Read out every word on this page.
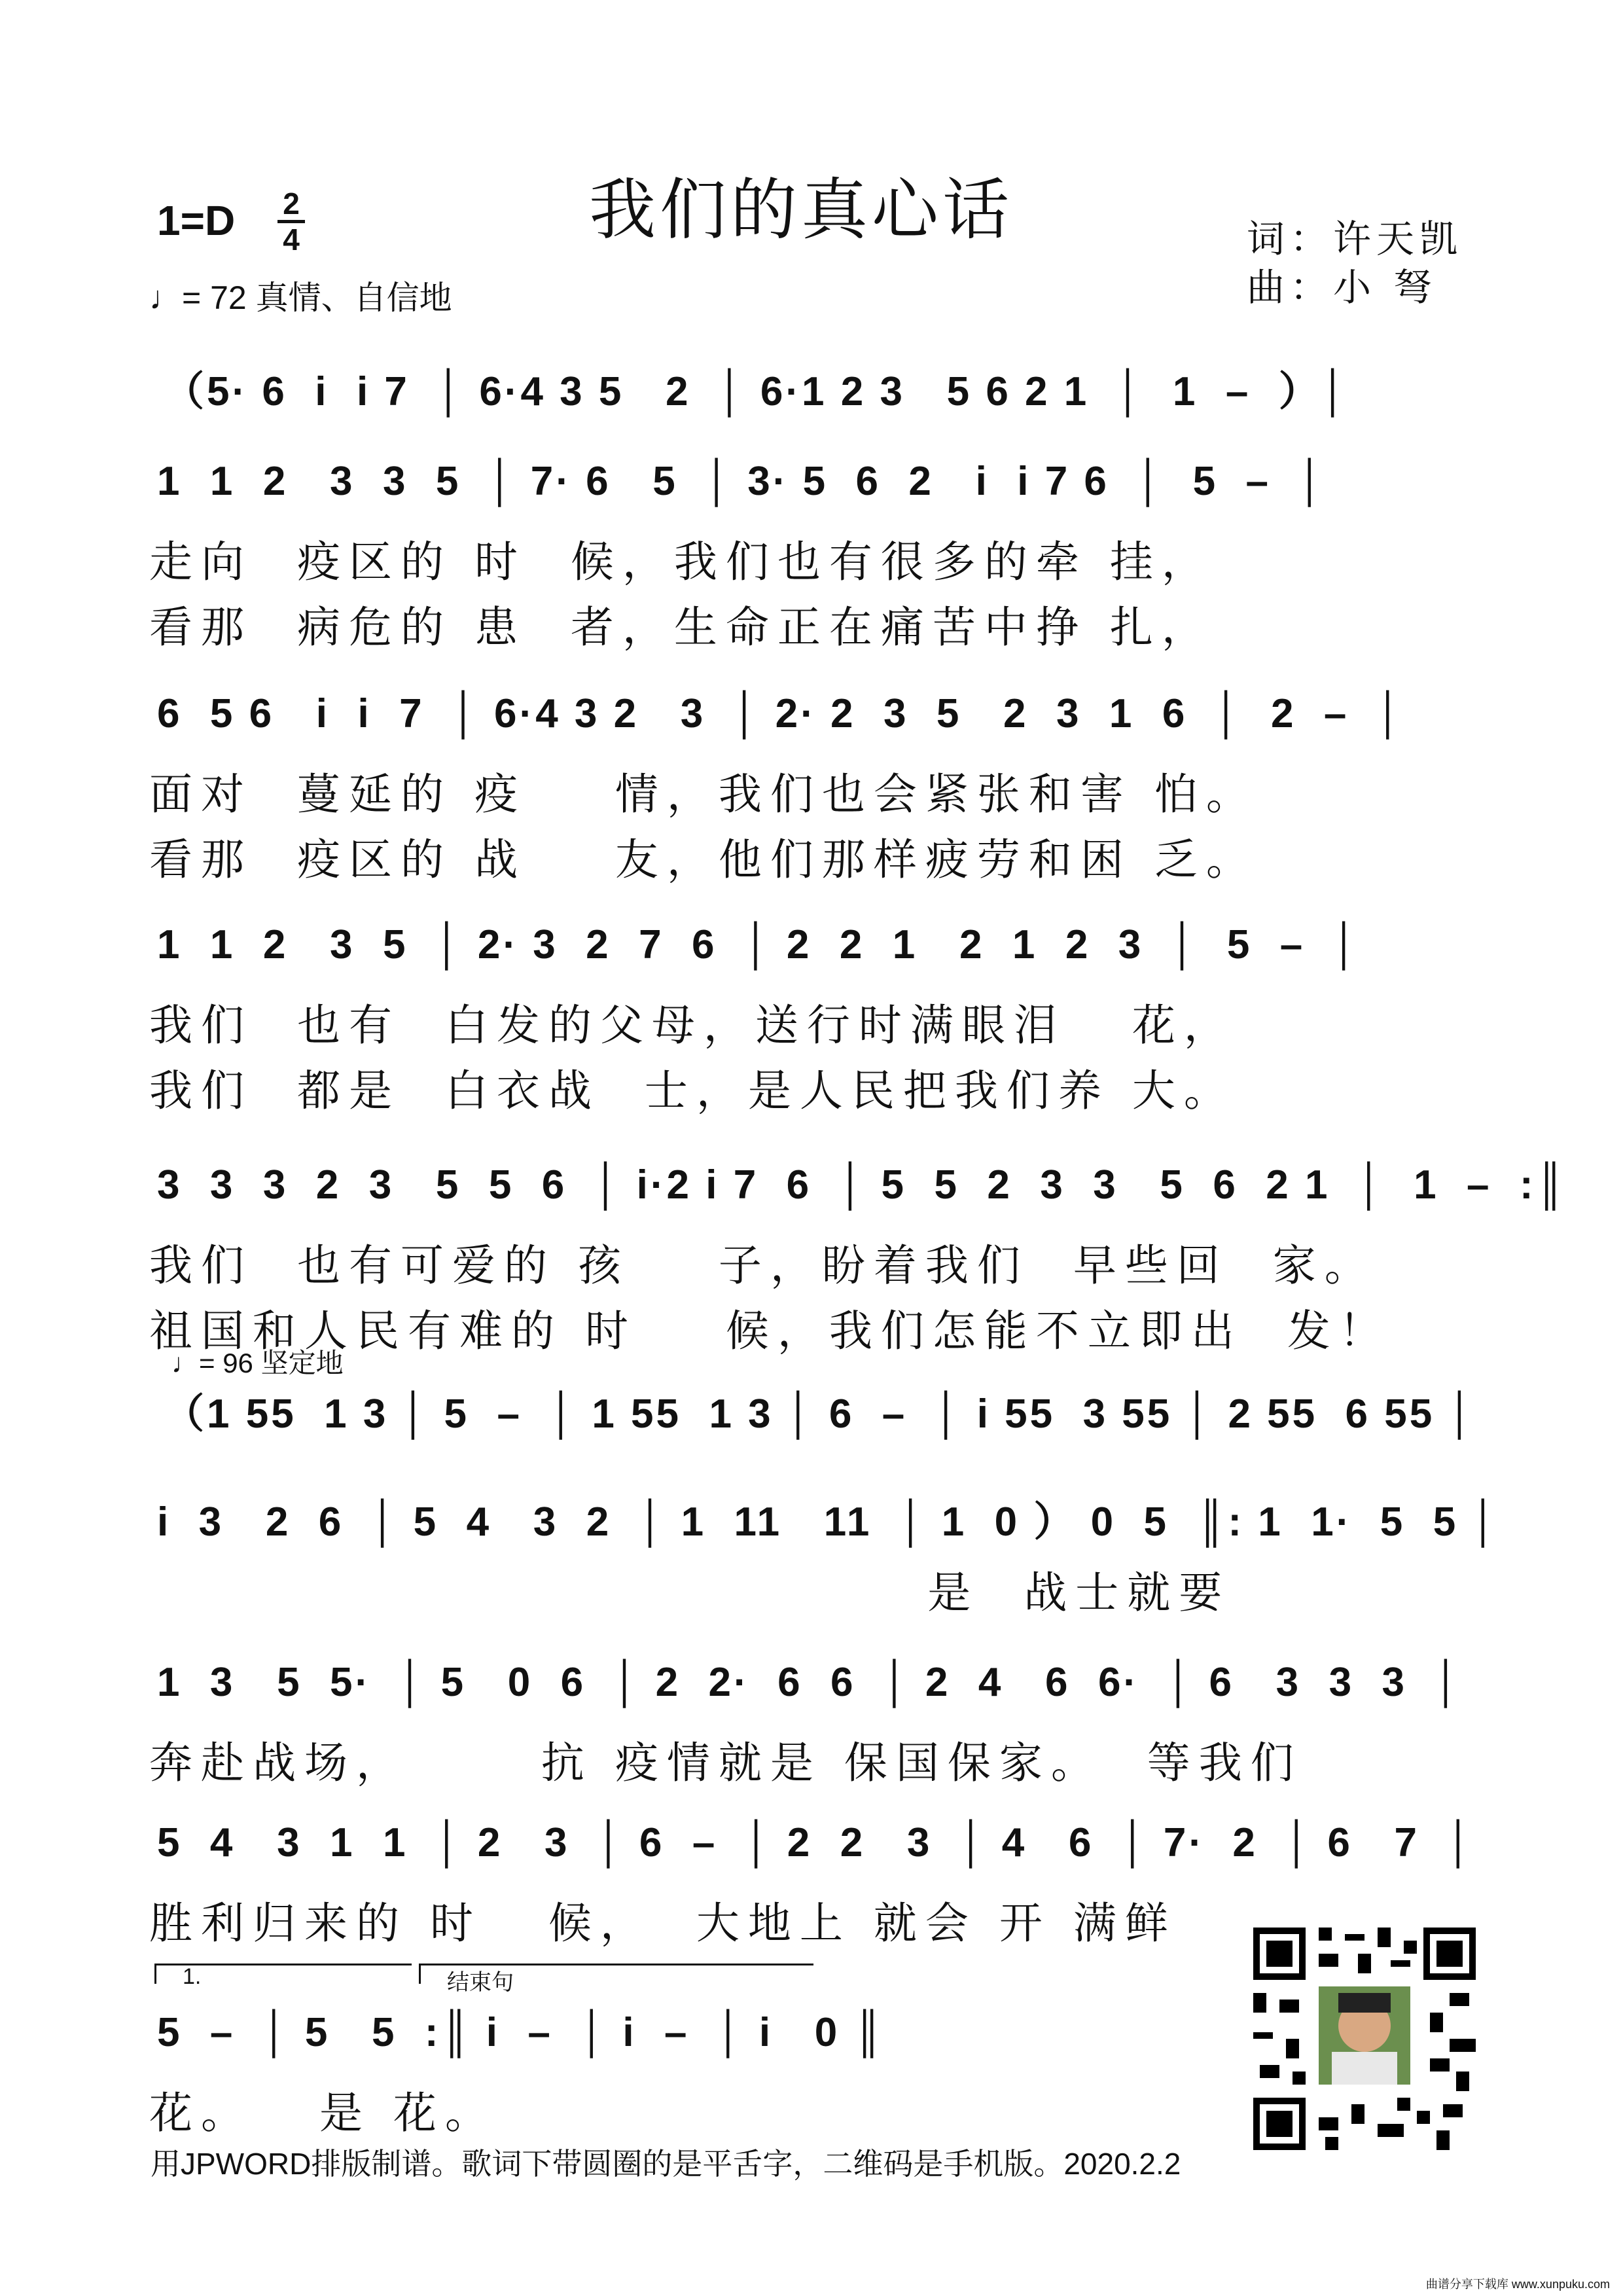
我们的真心话
1=D 2
4
♩= 72 真情、自信地
词：许天凯
曲：小 弩
（5· 6  i  i 7  │ 6·4 3 5   2  │ 6·1 2 3   5 6 2 1  │  1  –  ）│
1  1  2   3  3  5  │ 7· 6   5  │ 3· 5  6  2   i  i 7 6  │  5  –  │
走向  疫区的 时  候，我们也有很多的牵 挂，
看那  病危的 患  者，生命正在痛苦中挣 扎，
6  5 6   i  i  7  │ 6·4 3 2   3  │ 2· 2  3  5   2  3  1  6  │  2  –  │
面对  蔓延的 疫    情，我们也会紧张和害 怕。
看那  疫区的 战    友，他们那样疲劳和困 乏。
1  1  2   3  5  │ 2· 3  2  7  6  │ 2  2  1   2  1  2  3  │  5  –  │
我们  也有  白发的父母，送行时满眼泪   花，
我们  都是  白衣战  士，是人民把我们养 大。
3  3  3  2  3   5  5  6  │ i·2 i 7  6  │ 5  5  2  3  3   5  6  2 1  │  1  –  :║
我们  也有可爱的 孩    子，盼着我们  早些回  家。
祖国和人民有难的 时    候，我们怎能不立即出  发！
♩= 96 坚定地
（1 55  1 3 │ 5  –  │ 1 55  1 3 │ 6  –  │ i 55  3 55 │ 2 55  6 55 │
i  3   2  6  │ 5  4   3  2  │ 1  11   11  │ 1  0 ） 0  5  ║: 1  1·  5  5 │
是  战士就要
1  3   5  5·  │ 5   0  6  │ 2  2·  6  6  │ 2  4   6  6·  │ 6   3  3  3  │
奔赴战场，      抗 疫情就是 保国保家。  等我们
5  4   3  1  1  │ 2   3  │ 6  –  │ 2  2   3  │ 4   6  │ 7·  2  │ 6   7  │
胜利归来的 时   候，  大地上 就会 开 满鲜
1.	结束句
5  –  │ 5   5  :║ i  –  │ i  –  │ i   0 ║
花。   是 花。
用JPWORD排版制谱。歌词下带圆圈的是平舌字，二维码是手机版。2020.2.2
曲谱分享下载库 www.xunpuku.com
